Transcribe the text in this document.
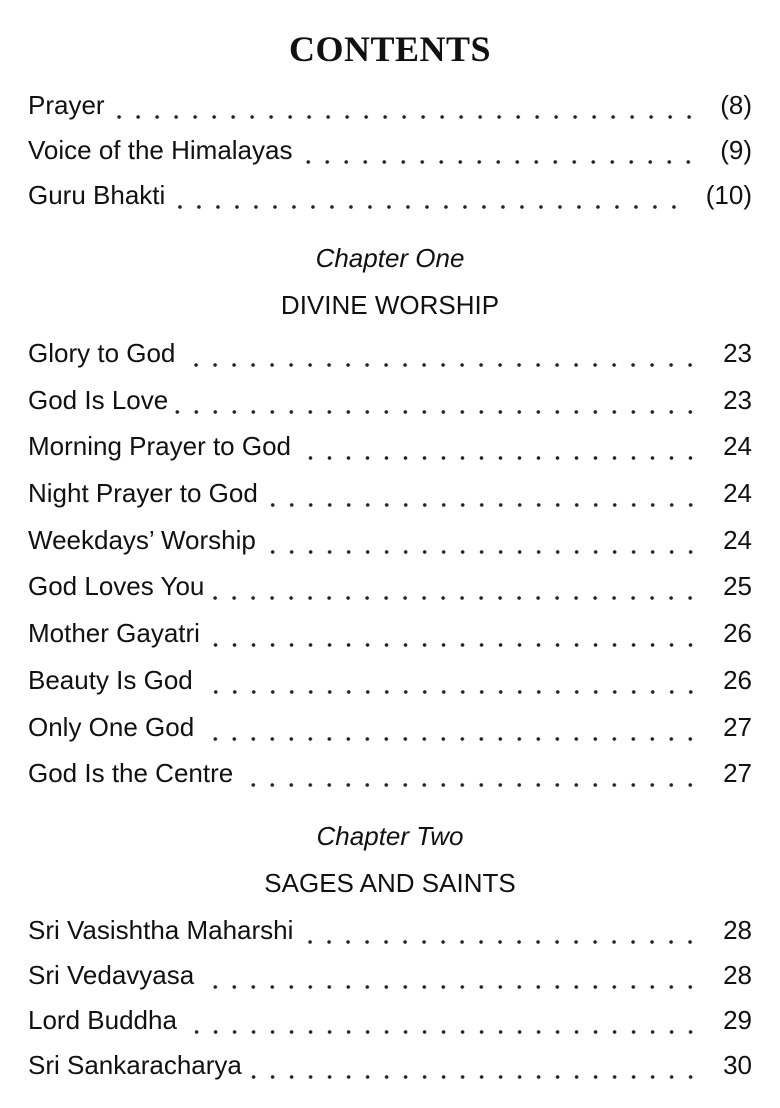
CONTENTS
Prayer	(8)
Voice of the Himalayas	(9)
Guru Bhakti	(10)
Chapter One
DIVINE WORSHIP
Glory to God	23
God Is Love	23
Morning Prayer to God	24
Night Prayer to God	24
Weekdays’ Worship	24
God Loves You	25
Mother Gayatri	26
Beauty Is God	26
Only One God	27
God Is the Centre	27
Chapter Two
SAGES AND SAINTS
Sri Vasishtha Maharshi	28
Sri Vedavyasa	28
Lord Buddha	29
Sri Sankaracharya	30
